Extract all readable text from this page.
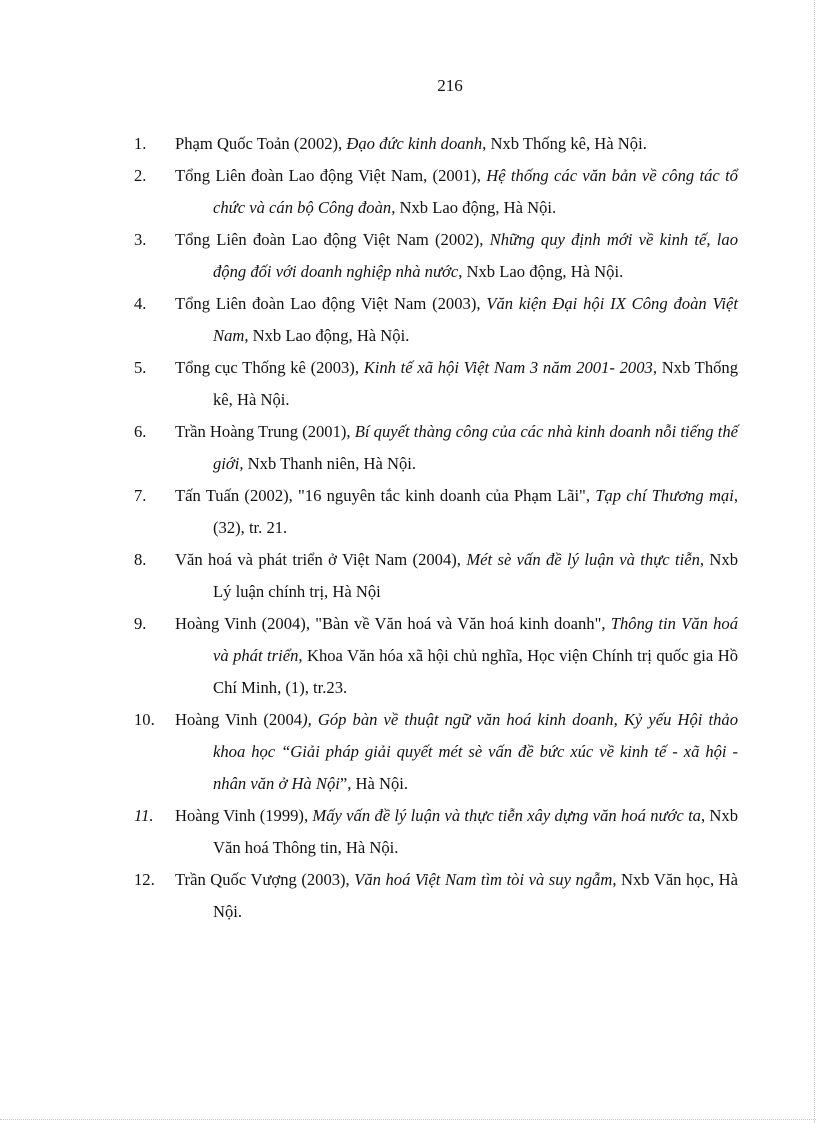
216
1.	Phạm Quốc Toản (2002), Đạo đức kinh doanh, Nxb Thống kê, Hà Nội.
2.	Tổng Liên đoàn Lao động Việt Nam, (2001), Hệ thống các văn bản về công tác tổ chức và cán bộ Công đoàn, Nxb Lao động, Hà Nội.
3.	Tổng Liên đoàn Lao động Việt Nam (2002), Những quy định mới về kinh tế, lao động đối với doanh nghiệp nhà nước, Nxb Lao động, Hà Nội.
4.	Tổng Liên đoàn Lao động Việt Nam (2003), Văn kiện Đại hội IX Công đoàn Việt Nam, Nxb Lao động, Hà Nội.
5.	Tổng cục Thống kê (2003), Kinh tế xã hội Việt Nam 3 năm 2001- 2003, Nxb Thống kê, Hà Nội.
6.	Trần Hoàng Trung (2001), Bí quyết thàng công của các nhà kinh doanh nỗi tiếng thế giới, Nxb Thanh niên, Hà Nội.
7.	Tấn Tuấn (2002), "16 nguyên tắc kinh doanh của Phạm Lãi", Tạp chí Thương mại, (32), tr. 21.
8.	Văn hoá và phát triển ở Việt Nam (2004), Mét sè vấn đề lý luận và thực tiễn, Nxb Lý luận chính trị, Hà Nội
9.	Hoàng Vinh (2004), "Bàn về Văn hoá và Văn hoá kinh doanh", Thông tin Văn hoá và phát triển, Khoa Văn hóa xã hội chủ nghĩa, Học viện Chính trị quốc gia Hồ Chí Minh, (1), tr.23.
10.	Hoàng Vinh (2004), Góp bàn về thuật ngữ văn hoá kinh doanh, Kỷ yếu Hội thảo khoa học “Giải pháp giải quyết mét sè vấn đề bức xúc về kinh tế - xã hội - nhân văn ở Hà Nội”, Hà Nội.
11.	Hoàng Vinh (1999), Mấy vấn đề lý luận và thực tiễn xây dựng văn hoá nước ta, Nxb Văn hoá Thông tin, Hà Nội.
12.	Trần Quốc Vượng (2003), Văn hoá Việt Nam tìm tòi và suy ngẫm, Nxb Văn học, Hà Nội.
